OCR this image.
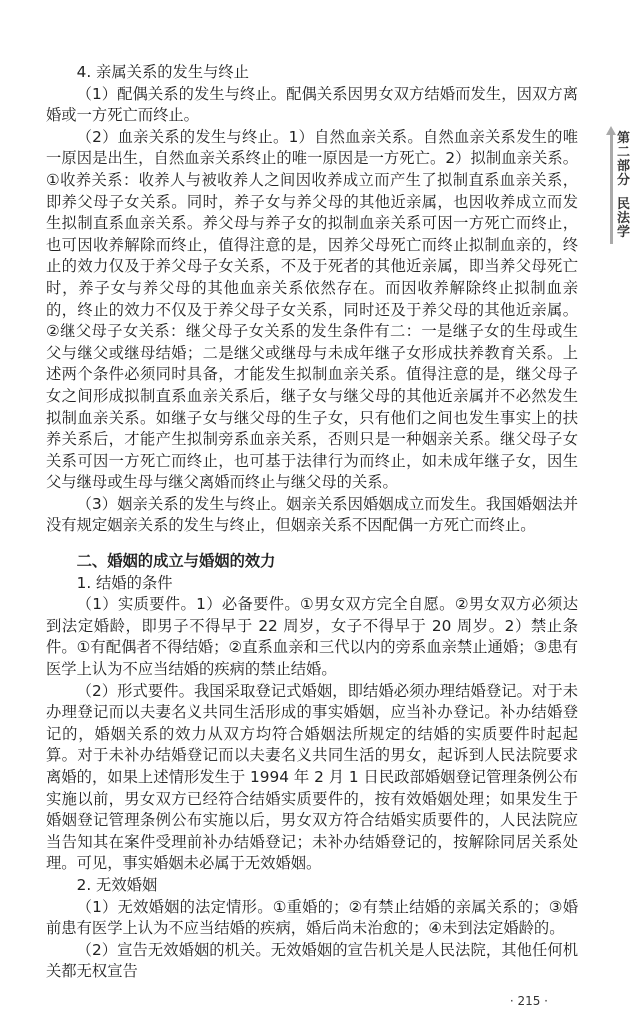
第二部分
民法学

4. 亲属关系的发生与终止

（1）配偶关系的发生与终止。配偶关系因男女双方结婚而发生，因双方离婚或一方死亡而终止。

（2）血亲关系的发生与终止。1）自然血亲关系。自然血亲关系发生的唯一原因是出生，自然血亲关系终止的唯一原因是一方死亡。2）拟制血亲关系。①收养关系：收养人与被收养人之间因收养成立而产生了拟制直系血亲关系，即养父母子女关系。同时，养子女与养父母的其他近亲属，也因收养成立而发生拟制直系血亲关系。养父母与养子女的拟制血亲关系可因一方死亡而终止，也可因收养解除而终止，值得注意的是，因养父母死亡而终止拟制血亲的，终止的效力仅及于养父母子女关系，不及于死者的其他近亲属，即当养父母死亡时，养子女与养父母的其他血亲关系依然存在。而因收养解除终止拟制血亲的，终止的效力不仅及于养父母子女关系，同时还及于养父母的其他近亲属。②继父母子女关系：继父母子女关系的发生条件有二：一是继子女的生母或生父与继父或继母结婚；二是继父或继母与未成年继子女形成扶养教育关系。上述两个条件必须同时具备，才能发生拟制血亲关系。值得注意的是，继父母子女之间形成拟制直系血亲关系后，继子女与继父母的其他近亲属并不必然发生拟制血亲关系。如继子女与继父母的生子女，只有他们之间也发生事实上的扶养关系后，才能产生拟制旁系血亲关系，否则只是一种姻亲关系。继父母子女关系可因一方死亡而终止，也可基于法律行为而终止，如未成年继子女，因生父与继母或生母与继父离婚而终止与继父母的关系。

（3）姻亲关系的发生与终止。姻亲关系因婚姻成立而发生。我国婚姻法并没有规定姻亲关系的发生与终止，但姻亲关系不因配偶一方死亡而终止。

二、婚姻的成立与婚姻的效力

1. 结婚的条件

（1）实质要件。1）必备要件。①男女双方完全自愿。②男女双方必须达到法定婚龄，即男子不得早于 22 周岁，女子不得早于 20 周岁。2）禁止条件。①有配偶者不得结婚；②直系血亲和三代以内的旁系血亲禁止通婚；③患有医学上认为不应当结婚的疾病的禁止结婚。

（2）形式要件。我国采取登记式婚姻，即结婚必须办理结婚登记。对于未办理登记而以夫妻名义共同生活形成的事实婚姻，应当补办登记。补办结婚登记的，婚姻关系的效力从双方均符合婚姻法所规定的结婚的实质要件时起起算。对于未补办结婚登记而以夫妻名义共同生活的男女，起诉到人民法院要求离婚的，如果上述情形发生于 1994 年 2 月 1 日民政部婚姻登记管理条例公布实施以前，男女双方已经符合结婚实质要件的，按有效婚姻处理；如果发生于婚姻登记管理条例公布实施以后，男女双方符合结婚实质要件的，人民法院应当告知其在案件受理前补办结婚登记；未补办结婚登记的，按解除同居关系处理。可见，事实婚姻未必属于无效婚姻。

2. 无效婚姻

（1）无效婚姻的法定情形。①重婚的；②有禁止结婚的亲属关系的；③婚前患有医学上认为不应当结婚的疾病，婚后尚未治愈的；④未到法定婚龄的。

（2）宣告无效婚姻的机关。无效婚姻的宣告机关是人民法院，其他任何机关都无权宣告

· 215 ·
